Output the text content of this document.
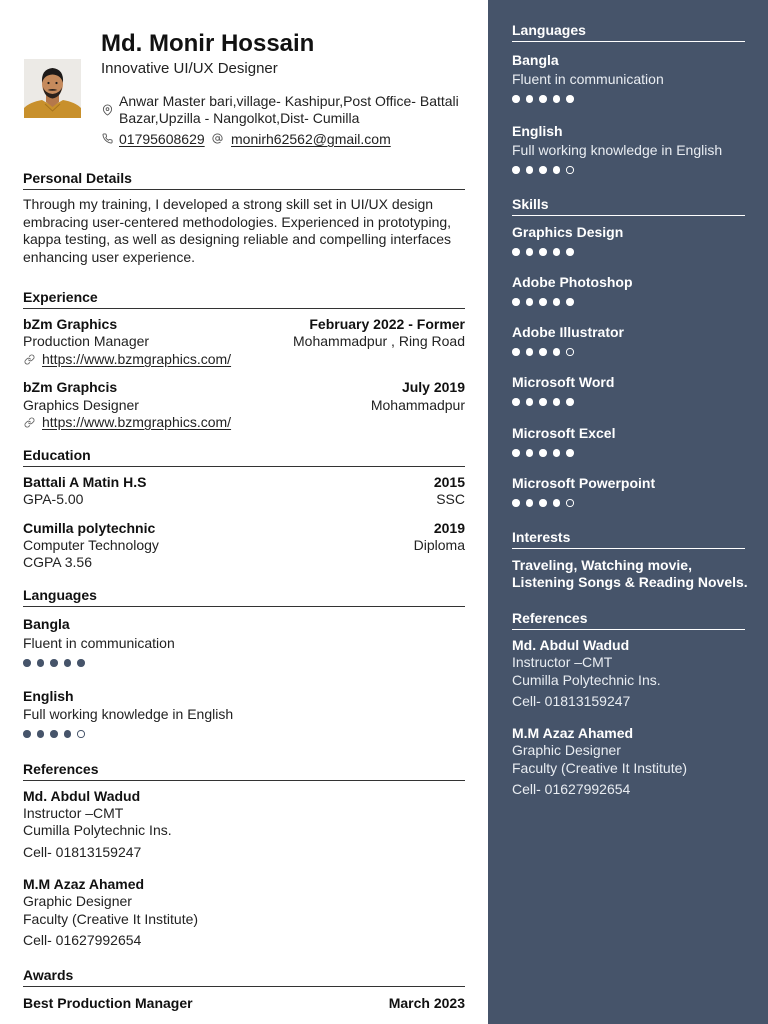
Md. Monir Hossain
Innovative UI/UX Designer
Anwar Master bari,village- Kashipur,Post Office- Battali Bazar,Upzilla - Nangolkot,Dist- Cumilla
01795608629 monirh62562@gmail.com
Personal Details
Through my training, I developed a strong skill set in UI/UX design embracing user-centered methodologies. Experienced in prototyping, kappa testing, as well as designing reliable and compelling interfaces enhancing user experience.
Experience
bZm Graphics	February 2022 - Former
Production Manager	Mohammadpur , Ring Road
https://www.bzmgraphics.com/
bZm Graphcis	July 2019
Graphics Designer	Mohammadpur
https://www.bzmgraphics.com/
Education
Battali A Matin H.S	2015
GPA-5.00	SSC
Cumilla polytechnic	2019
Computer Technology	Diploma
CGPA 3.56
Languages
Bangla
Fluent in communication
English
Full working knowledge in English
References
Md. Abdul Wadud
Instructor –CMT
Cumilla Polytechnic Ins.
Cell- 01813159247
M.M Azaz Ahamed
Graphic Designer
Faculty (Creative It Institute)
Cell- 01627992654
Awards
Best Production Manager	March 2023
Languages
Bangla
Fluent in communication
English
Full working knowledge in English
Skills
Graphics Design
Adobe Photoshop
Adobe Illustrator
Microsoft Word
Microsoft Excel
Microsoft Powerpoint
Interests
Traveling, Watching movie, Listening Songs & Reading Novels.
References
Md. Abdul Wadud
Instructor –CMT
Cumilla Polytechnic Ins.
Cell- 01813159247
M.M Azaz Ahamed
Graphic Designer
Faculty (Creative It Institute)
Cell- 01627992654
